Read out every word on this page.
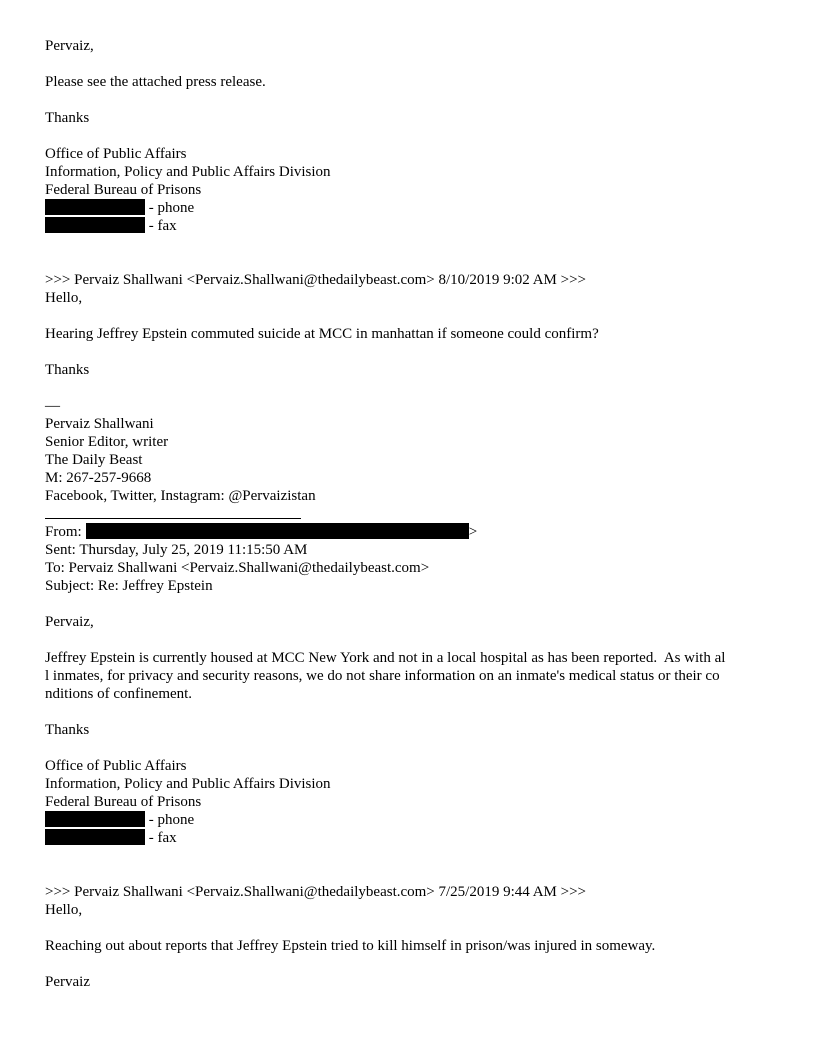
Pervaiz,
Please see the attached press release.
Thanks
Office of Public Affairs
Information, Policy and Public Affairs Division
Federal Bureau of Prisons
- phone
- fax
>>> Pervaiz Shallwani <Pervaiz.Shallwani@thedailybeast.com> 8/10/2019 9:02 AM >>>
Hello,
Hearing Jeffrey Epstein commuted suicide at MCC in manhattan if someone could confirm?
Thanks
—
Pervaiz Shallwani
Senior Editor, writer
The Daily Beast
M: 267-257-9668
Facebook, Twitter, Instagram: @Pervaizistan
From:	>
Sent: Thursday, July 25, 2019 11:15:50 AM
To: Pervaiz Shallwani <Pervaiz.Shallwani@thedailybeast.com>
Subject: Re: Jeffrey Epstein
Pervaiz,
Jeffrey Epstein is currently housed at MCC New York and not in a local hospital as has been reported.  As with al
l inmates, for privacy and security reasons, we do not share information on an inmate's medical status or their co
nditions of confinement.
Thanks
Office of Public Affairs
Information, Policy and Public Affairs Division
Federal Bureau of Prisons
- phone
- fax
>>> Pervaiz Shallwani <Pervaiz.Shallwani@thedailybeast.com> 7/25/2019 9:44 AM >>>
Hello,
Reaching out about reports that Jeffrey Epstein tried to kill himself in prison/was injured in someway.
Pervaiz
